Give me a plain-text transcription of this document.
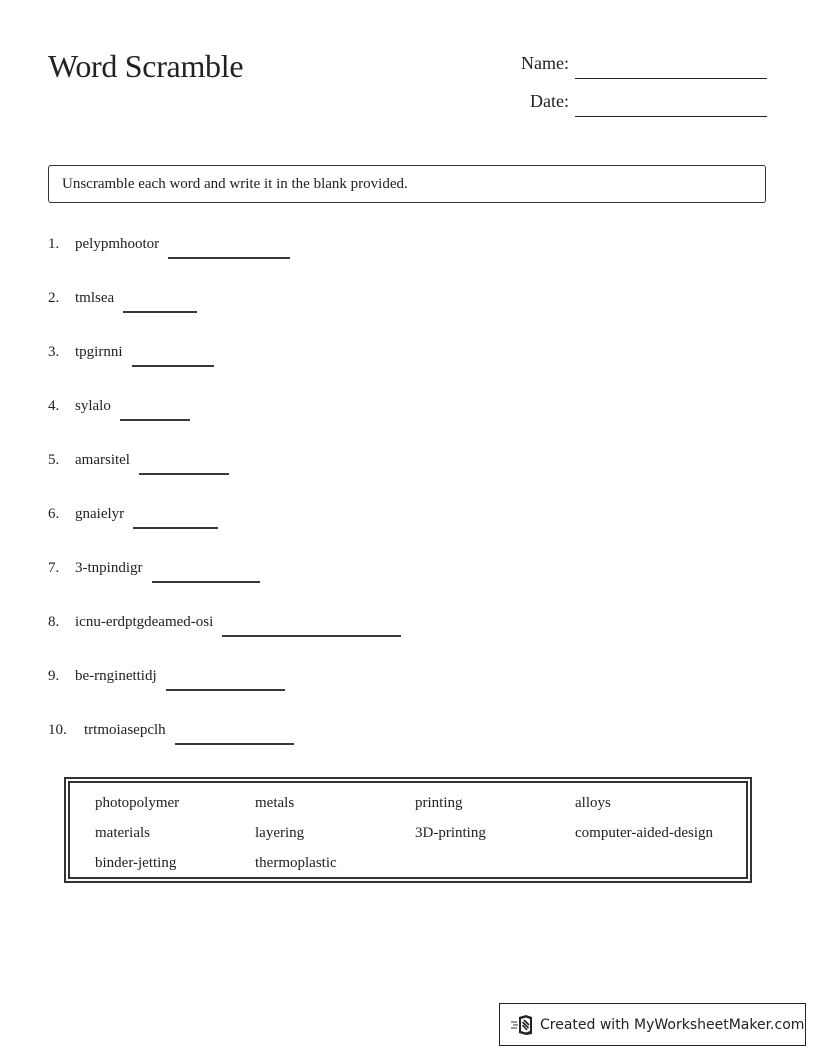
Word Scramble	Name:
Date:
Unscramble each word and write it in the blank provided.
1.	pelypmhootor
2.	tmlsea
3.	tpgirnni
4.	sylalo
5.	amarsitel
6.	gnaielyr
7.	3-tnpindigr
8.	icnu-erdptgdeamed-osi
9.	be-rnginettidj
10.	trtmoiasepclh
photopolymer	metals	printing	alloys
materials	layering	3D-printing	computer-aided-design
binder-jetting	thermoplastic
Created with MyWorksheetMaker.com
